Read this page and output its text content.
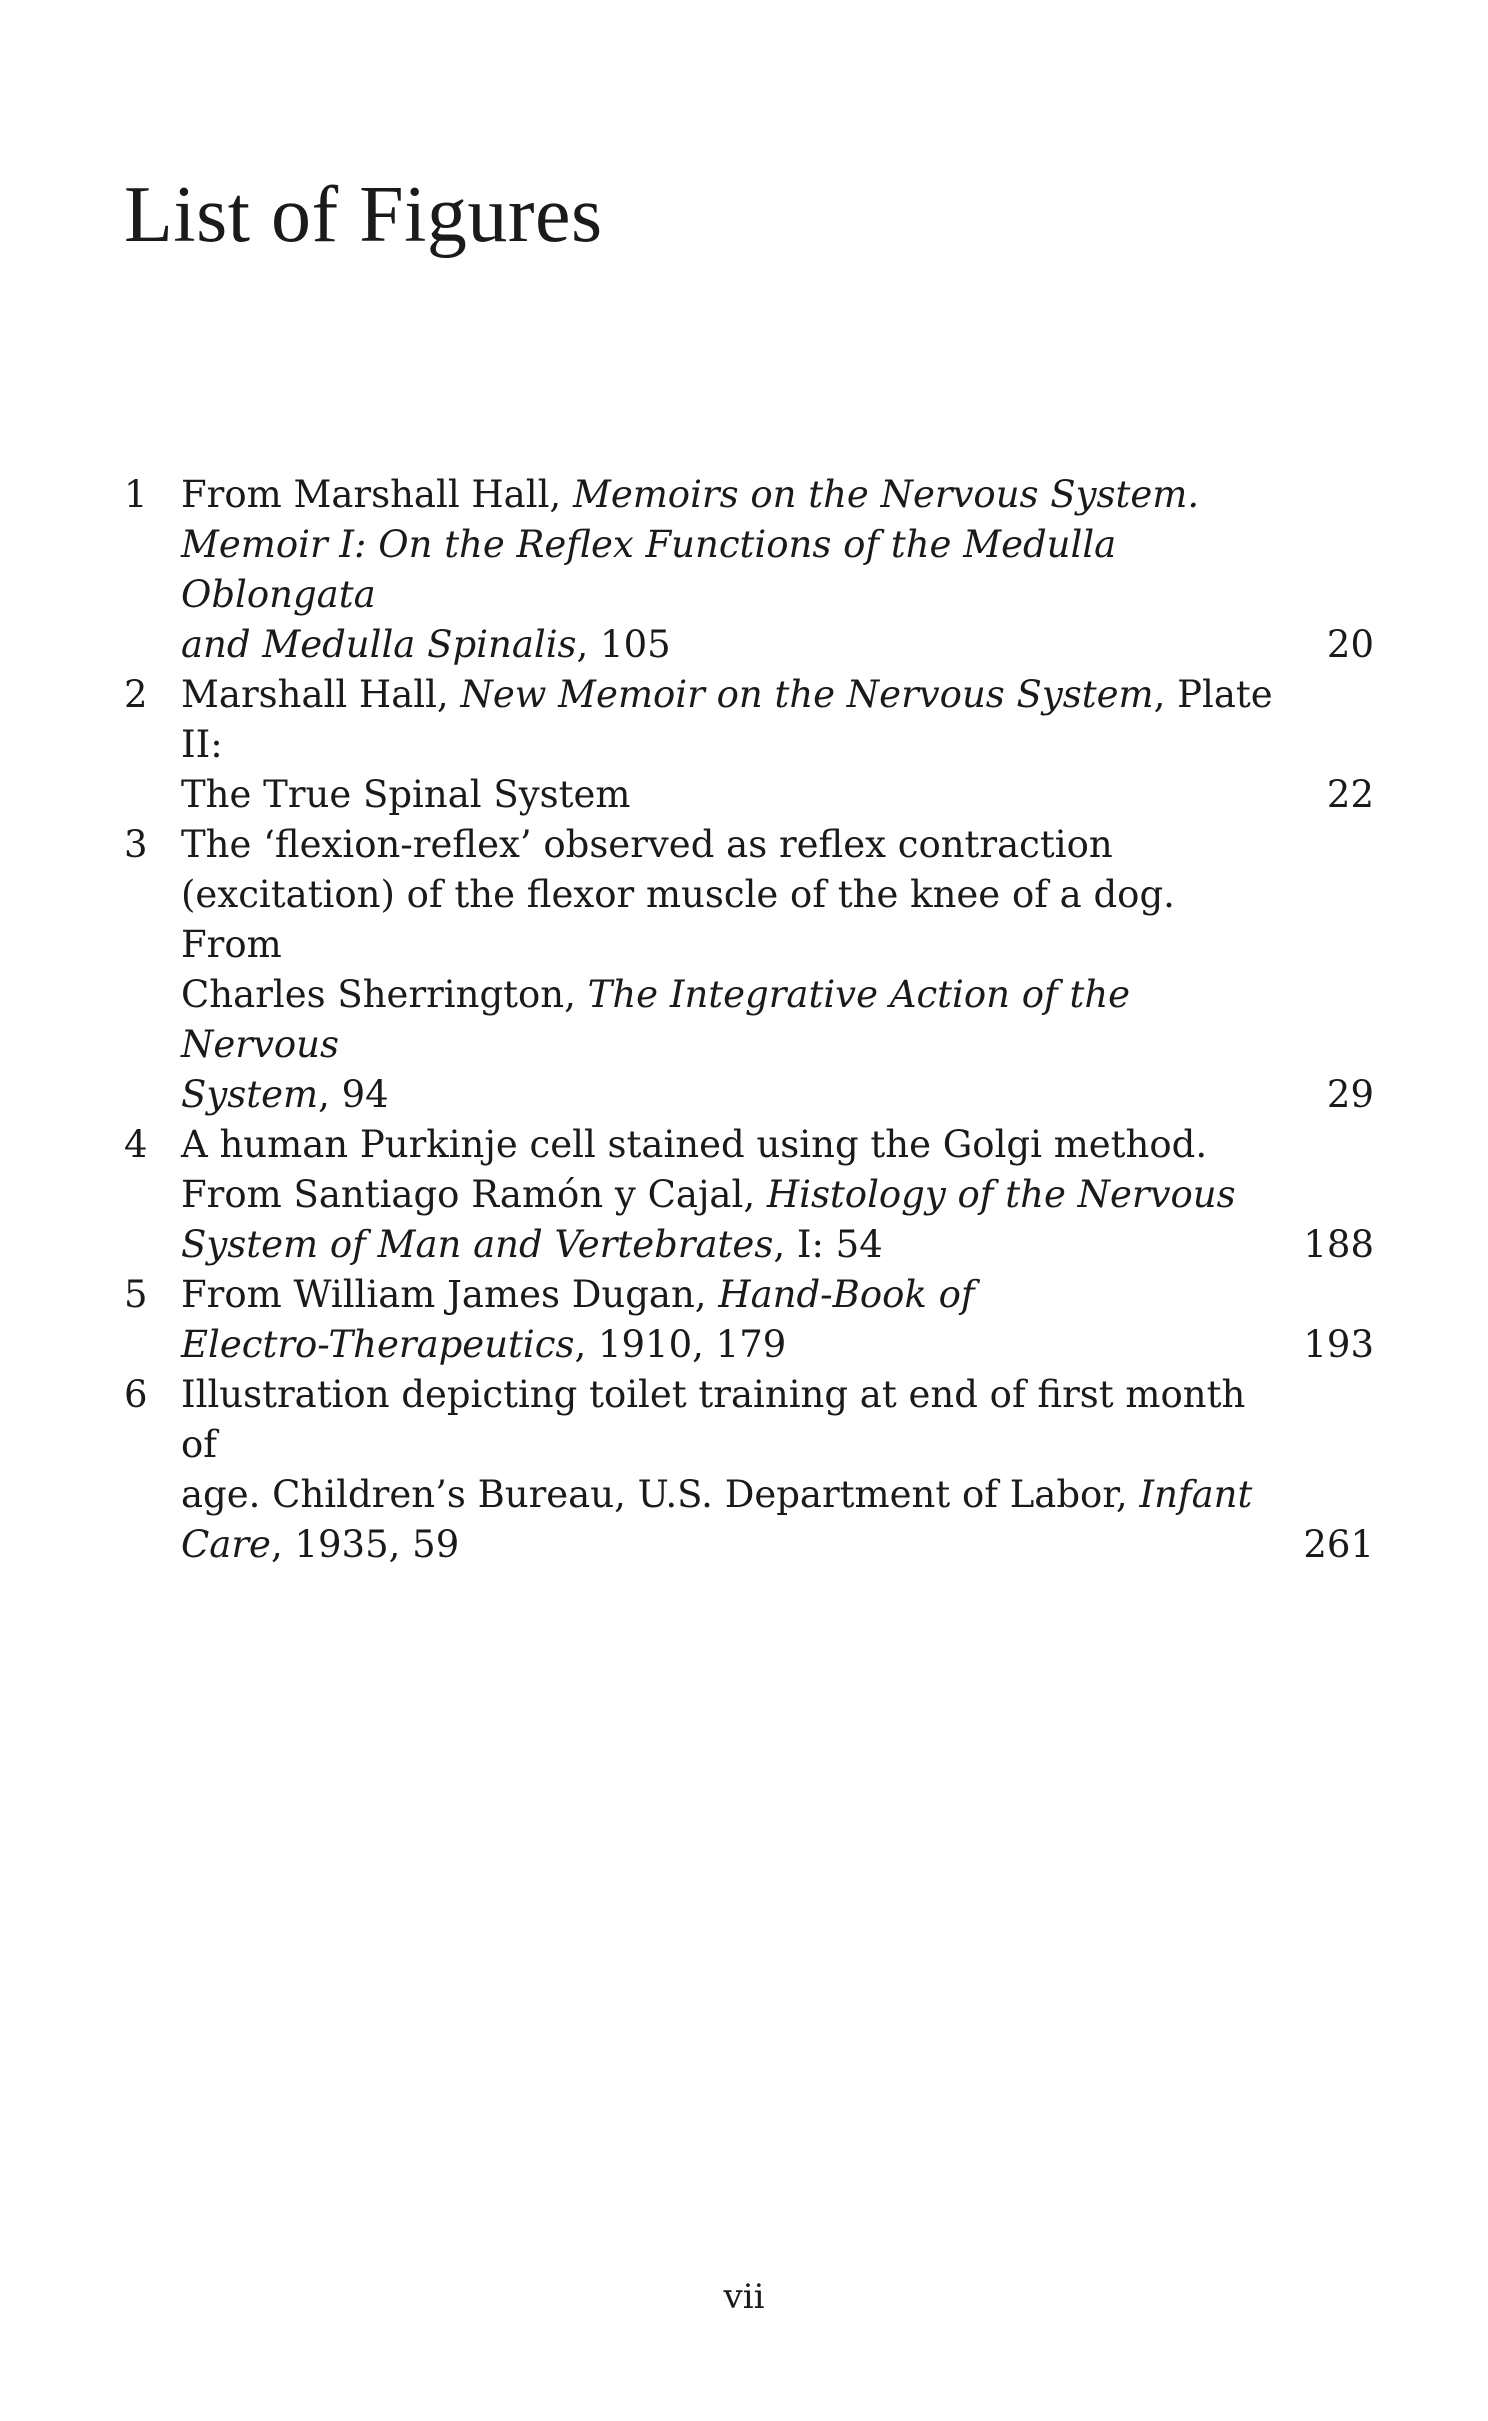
List of Figures
1 From Marshall Hall, Memoirs on the Nervous System.
Memoir I: On the Reflex Functions of the Medulla Oblongata
and Medulla Spinalis, 105	20
2 Marshall Hall, New Memoir on the Nervous System, Plate II:
The True Spinal System	22
3 The ‘flexion-reflex’ observed as reflex contraction
(excitation) of the flexor muscle of the knee of a dog. From
Charles Sherrington, The Integrative Action of the Nervous
System, 94	29
4 A human Purkinje cell stained using the Golgi method.
From Santiago Ramón y Cajal, Histology of the Nervous
System of Man and Vertebrates, I: 54	188
5 From William James Dugan, Hand-Book of
Electro-Therapeutics, 1910, 179	193
6 Illustration depicting toilet training at end of first month of
age. Children’s Bureau, U.S. Department of Labor, Infant
Care, 1935, 59	261
vii
